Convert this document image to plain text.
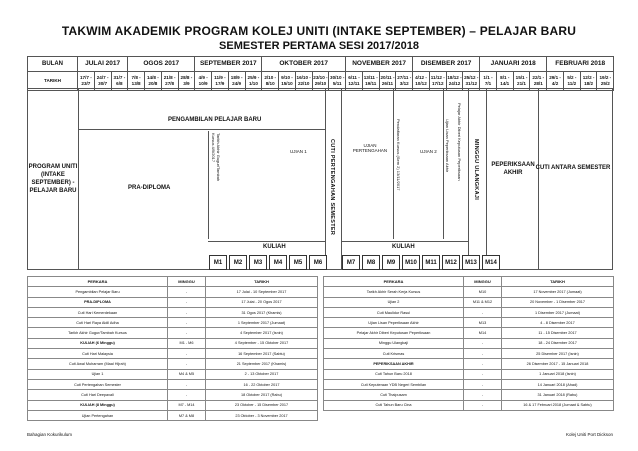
TAKWIM AKADEMIK PROGRAM KOLEJ UNITI (INTAKE SEPTEMBER) – PELAJAR BARU
SEMESTER PERTAMA SESI 2017/2018
BULAN	JULAI 2017			OGOS 2017				SEPTEMBER 2017				OKTOBER 2017					NOVEMBER 2017				DISEMBER 2017				JANUARI 2018				FEBRUARI 2018			
TARIKH	17/7 - 23/7	24/7 - 30/7	31/7 - 6/8	7/8 - 13/8	14/8 - 20/8	21/8 - 27/8	28/8 - 3/9	4/9 - 10/9	11/9 - 17/9	18/9 - 24/9	25/9 - 1/10	2/10 - 8/10	9/10 - 15/10	16/10 - 22/10	23/10 - 29/10	30/10 - 5/11	6/11 - 12/11	13/11 - 19/11	20/11 - 26/11	27/11 - 3/12	4/12 - 10/12	11/12 - 17/12	18/12 - 24/12	25/12 - 31/12	1/1 - 7/1	8/1 - 14/1	15/1 - 21/1	22/1 - 28/1	29/1 - 4/2	5/2 - 11/2	12/2 - 18/2	19/2 - 25/2
PROGRAM UNITI (INTAKE SEPTEMBER) - PELAJAR BARU
PENGAMBILAN PELAJAR BARU
PRA-DIPLOMA
KULIAH
Tarikh Akhir Gugur/Tambah Kursus 4/9/2017	UJIAN 1	CUTI PERTENGAHAN SEMESTER	UJIAN PERTENGAHAN	Pendaftaran Kursus (Sem 2) 13/11/2017	UJIAN 2 Ujian Lisan Peperiksaan Akhir Pelajar Akhir Diberi Keputusan Peperiksaan MINGGU ULANGKAJI
KULIAH
PEPERIKSAAN AKHIR
CUTI ANTARA SEMESTER
M1	M2	M3	M4	M5	M6	M7	M8	M9	M10	M11	M12	M13	M14
PERKARA	MINGGU	TARIKH
Pengambilan Pelajar Baru	-	17 Julai - 10 September 2017
PRA-DIPLOMA	-	17 Julai - 20 Ogos 2017
Cuti Hari Kemerdekaan	-	31 Ogos 2017 (Khamis)
Cuti Hari Raya Aidil Adha	-	1 September 2017 (Jumaat)
Tarikh Akhir Gugur/Tambah Kursus	-	4 September 2017 (Isnin)
KULIAH (6 Minggu)	M1 - M6	4 September - 15 Oktober 2017
Cuti Hari Malaysia	-	16 September 2017 (Sabtu)
Cuti Awal Muharram (Maal Hijrah)	-	21 September 2017 (Khamis)
Ujian 1	M4 & M5	2 - 13 Oktober 2017
Cuti Pertengahan Semester	-	16 - 22 Oktober 2017
Cuti Hari Deepavali	-	18 Oktober 2017 (Rabu)
KULIAH (8 Minggu)	M7 - M14	23 Oktober - 15 Disember 2017
Ujian Pertengahan	M7 & M8	23 Oktober - 3 November 2017
PERKARA	MINGGU	TARIKH
Tarikh Akhir Serah Kerja Kursus	M10	17 November 2017 (Jumaat)
Ujian 2	M11 & M12	20 November - 1 Disember 2017
Cuti Maulidur Rasul	-	1 Disember 2017 (Jumaat)
Ujian Lisan Peperiksaan Akhir	M13	4 - 8 Disember 2017
Pelajar Akhir Diberi Keputusan Peperiksaan	M14	11 - 15 Disember 2017
Minggu Ulangkaji	-	18 - 24 Disember 2017
Cuti Krismas	-	25 Disember 2017 (Isnin)
PEPERIKSAAN AKHIR	-	26 Disember 2017 - 15 Januari 2018
Cuti Tahun Baru 2018	-	1 Januari 2018 (Isnin)
Cuti Keputeraan YDB Negeri Sembilan	-	14 Januari 2018 (Ahad)
Cuti Thaipusam	-	31 Januari 2018 (Rabu)
Cuti Tahun Baru Cina	-	16 & 17 Februari 2018 (Jumaat & Sabtu)
Bahagian Kokurikulum	Kolej Uniti Port Dickson
